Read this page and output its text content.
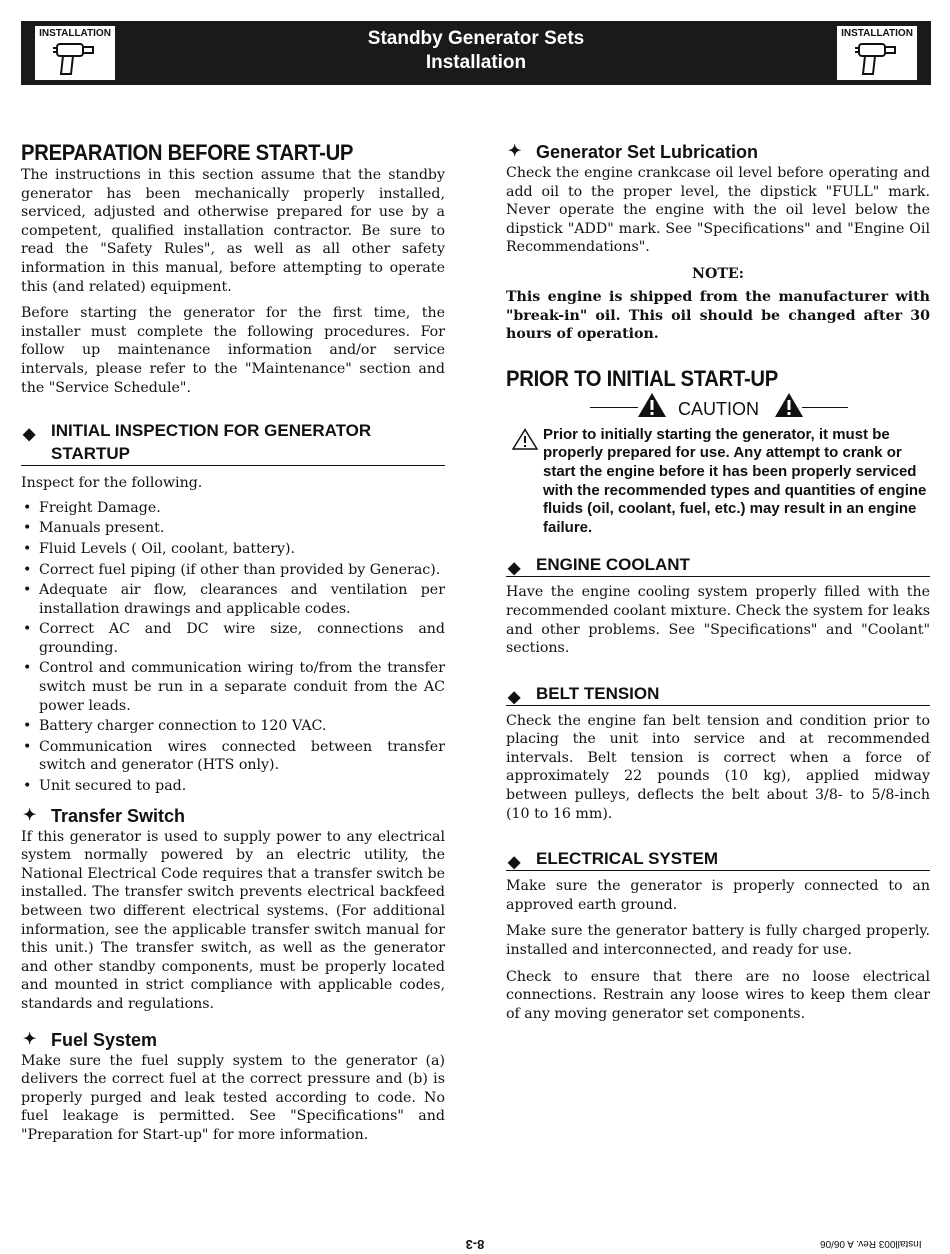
INSTALLATION	Standby Generator Sets
Installation
INSTALLATION
PREPARATION BEFORE START-UP

The instructions in this section assume that the standby generator has been mechanically properly installed, serviced, adjusted and otherwise prepared for use by a competent, qualified installation contractor. Be sure to read the "Safety Rules", as well as all other safety information in this manual, before attempting to operate this (and related) equipment.

Before starting the generator for the first time, the installer must complete the following procedures. For follow up maintenance information and/or service intervals, please refer to the "Maintenance" section and the "Service Schedule".

◆ INITIAL INSPECTION FOR GENERATOR STARTUP

Inspect for the following.

• Freight Damage.
• Manuals present.
• Fluid Levels ( Oil, coolant, battery).
• Correct fuel piping (if other than provided by Generac).
• Adequate air flow, clearances and ventilation per installation drawings and applicable codes.
• Correct AC and DC wire size, connections and grounding.
• Control and communication wiring to/from the transfer switch must be run in a separate conduit from the AC power leads.
• Battery charger connection to 120 VAC.
• Communication wires connected between transfer switch and generator (HTS only).
• Unit secured to pad.
✦ Transfer Switch

If this generator is used to supply power to any electrical system normally powered by an electric utility, the National Electrical Code requires that a transfer switch be installed. The transfer switch prevents electrical backfeed between two different electrical systems. (For additional information, see the applicable transfer switch manual for this unit.) The transfer switch, as well as the generator and other standby components, must be properly located and mounted in strict compliance with applicable codes, standards and regulations.

✦ Fuel System

Make sure the fuel supply system to the generator (a) delivers the correct fuel at the correct pressure and (b) is properly purged and leak tested according to code. No fuel leakage is permitted. See "Specifications" and "Preparation for Start-up" for more information.

✦ Generator Set Lubrication

Check the engine crankcase oil level before operating and add oil to the proper level, the dipstick "FULL" mark. Never operate the engine with the oil level below the dipstick "ADD" mark. See "Specifications" and "Engine Oil Recommendations".

NOTE:

This engine is shipped from the manufacturer with "break-in" oil. This oil should be changed after 30 hours of operation.

PRIOR TO INITIAL START-UP
CAUTION

Prior to initially starting the generator, it must be properly prepared for use. Any attempt to crank or start the engine before it has been properly serviced with the recommended types and quantities of engine fluids (oil, coolant, fuel, etc.) may result in an engine failure.

◆ ENGINE COOLANT

Have the engine cooling system properly filled with the recommended coolant mixture. Check the system for leaks and other problems. See "Specifications" and "Coolant" sections.

◆ BELT TENSION

Check the engine fan belt tension and condition prior to placing the unit into service and at recommended intervals. Belt tension is correct when a force of approximately 22 pounds (10 kg), applied midway between pulleys, deflects the belt about 3/8- to 5/8-inch (10 to 16 mm).

◆ ELECTRICAL SYSTEM

Make sure the generator is properly connected to an approved earth ground.

Make sure the generator battery is fully charged properly. installed and interconnected, and ready for use.

Check to ensure that there are no loose electrical connections. Restrain any loose wires to keep them clear of any moving generator set components.

8-3	Install003 Rev. A 06/06
